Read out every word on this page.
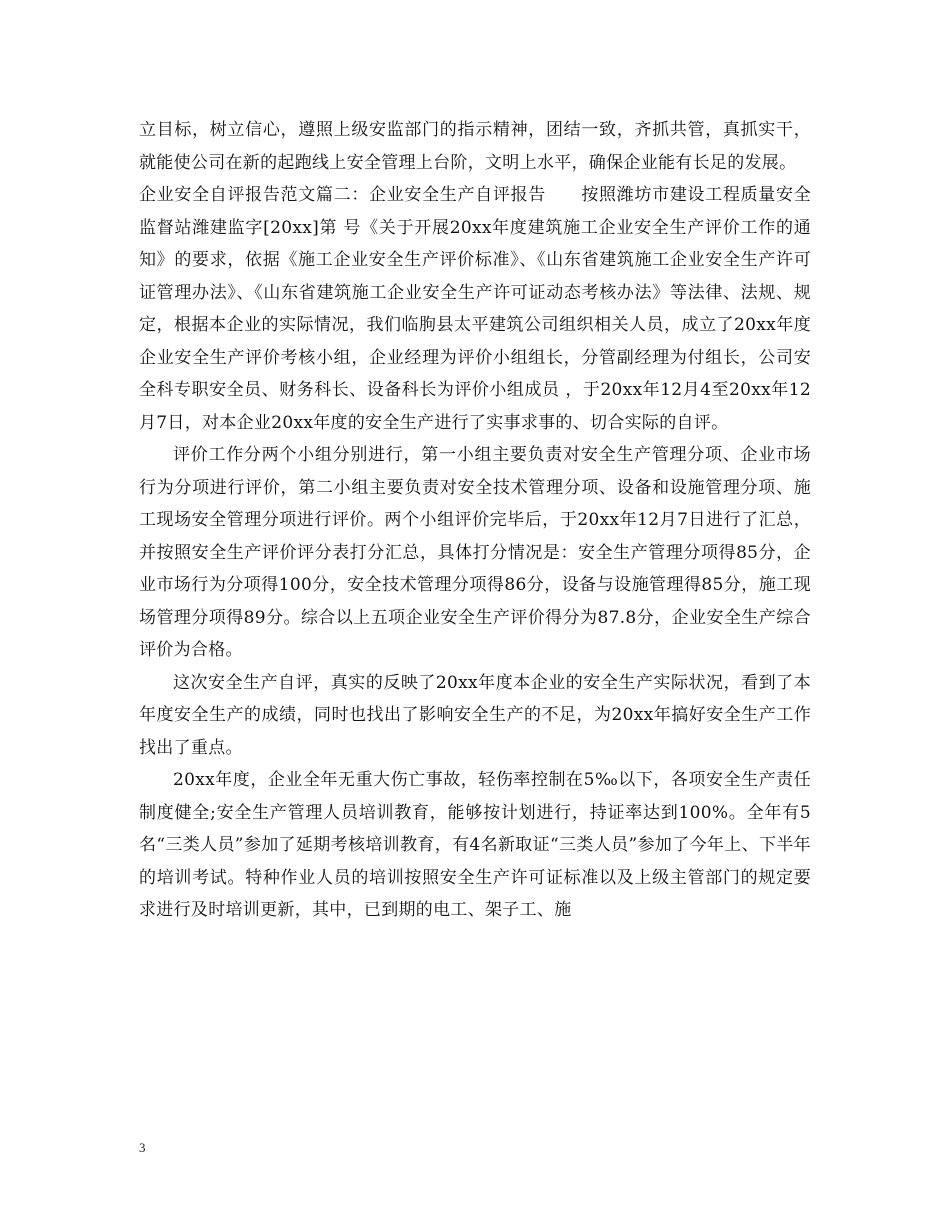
立目标，树立信心，遵照上级安监部门的指示精神，团结一致，齐抓共管，真抓实干，就能使公司在新的起跑线上安全管理上台阶，文明上水平，确保企业能有长足的发展。

企业安全自评报告范文篇二：企业安全生产自评报告　　按照潍坊市建设工程质量安全监督站潍建监字[20xx]第 号《关于开展20xx年度建筑施工企业安全生产评价工作的通知》的要求，依据《施工企业安全生产评价标准》、《山东省建筑施工企业安全生产许可证管理办法》、《山东省建筑施工企业安全生产许可证动态考核办法》等法律、法规、规定，根据本企业的实际情况，我们临朐县太平建筑公司组织相关人员，成立了20xx年度企业安全生产评价考核小组，企业经理为评价小组组长，分管副经理为付组长，公司安全科专职安全员、财务科长、设备科长为评价小组成员 ，于20xx年12月4至20xx年12月7日，对本企业20xx年度的安全生产进行了实事求事的、切合实际的自评。

评价工作分两个小组分别进行，第一小组主要负责对安全生产管理分项、企业市场行为分项进行评价，第二小组主要负责对安全技术管理分项、设备和设施管理分项、施工现场安全管理分项进行评价。两个小组评价完毕后，于20xx年12月7日进行了汇总，并按照安全生产评价评分表打分汇总，具体打分情况是：安全生产管理分项得85分，企业市场行为分项得100分，安全技术管理分项得86分，设备与设施管理得85分，施工现场管理分项得89分。综合以上五项企业安全生产评价得分为87.8分，企业安全生产综合评价为合格。

这次安全生产自评，真实的反映了20xx年度本企业的安全生产实际状况，看到了本年度安全生产的成绩，同时也找出了影响安全生产的不足，为20xx年搞好安全生产工作找出了重点。

20xx年度，企业全年无重大伤亡事故，轻伤率控制在5‰以下，各项安全生产责任制度健全;安全生产管理人员培训教育，能够按计划进行，持证率达到100%。全年有5名“三类人员”参加了延期考核培训教育，有4名新取证“三类人员”参加了今年上、下半年的培训考试。特种作业人员的培训按照安全生产许可证标准以及上级主管部门的规定要求进行及时培训更新，其中，已到期的电工、架子工、施

3
